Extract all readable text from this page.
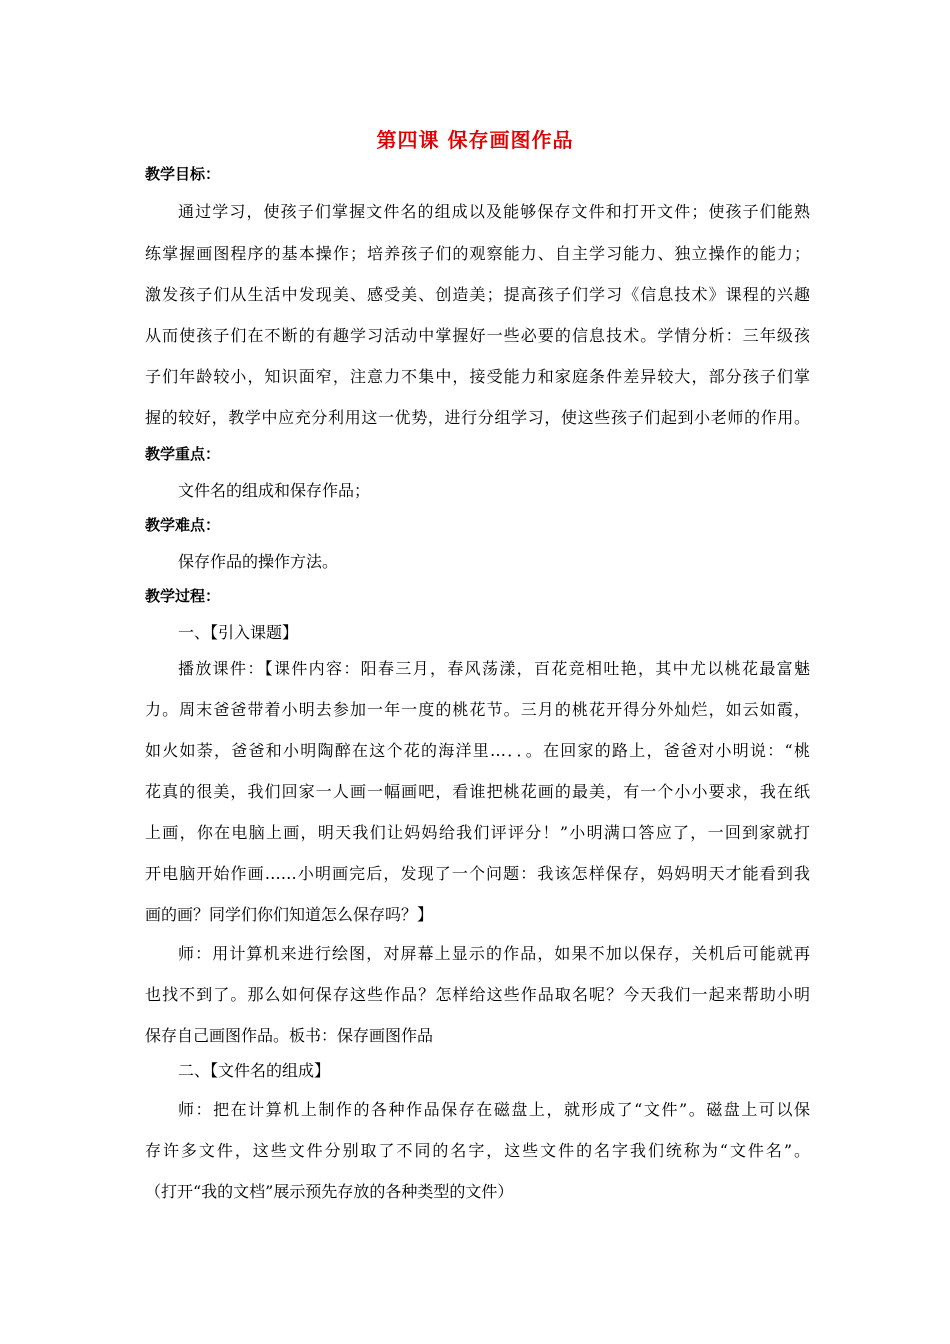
第四课 保存画图作品
教学目标：
通过学习，使孩子们掌握文件名的组成以及能够保存文件和打开文件；使孩子们能熟
练掌握画图程序的基本操作；培养孩子们的观察能力、自主学习能力、独立操作的能力；
激发孩子们从生活中发现美、感受美、创造美；提高孩子们学习《信息技术》课程的兴趣
从而使孩子们在不断的有趣学习活动中掌握好一些必要的信息技术。学情分析：三年级孩
子们年龄较小，知识面窄，注意力不集中，接受能力和家庭条件差异较大，部分孩子们掌
握的较好，教学中应充分利用这一优势，进行分组学习，使这些孩子们起到小老师的作用。
教学重点：
文件名的组成和保存作品；
教学难点：
保存作品的操作方法。
教学过程：
一、【引入课题】
播放课件：【课件内容：阳春三月，春风荡漾，百花竞相吐艳，其中尤以桃花最富魅
力。周末爸爸带着小明去参加一年一度的桃花节。三月的桃花开得分外灿烂，如云如霞，
如火如荼，爸爸和小明陶醉在这个花的海洋里…．．。在回家的路上，爸爸对小明说：“桃
花真的很美，我们回家一人画一幅画吧，看谁把桃花画的最美，有一个小小要求，我在纸
上画，你在电脑上画，明天我们让妈妈给我们评评分！”小明满口答应了，一回到家就打
开电脑开始作画……小明画完后，发现了一个问题：我该怎样保存，妈妈明天才能看到我
画的画？同学们你们知道怎么保存吗？】
师：用计算机来进行绘图，对屏幕上显示的作品，如果不加以保存，关机后可能就再
也找不到了。那么如何保存这些作品？怎样给这些作品取名呢？今天我们一起来帮助小明
保存自己画图作品。板书：保存画图作品
二、【文件名的组成】
师：把在计算机上制作的各种作品保存在磁盘上，就形成了“文件”。磁盘上可以保
存许多文件，这些文件分别取了不同的名字，这些文件的名字我们统称为“文件名”。
（打开“我的文档”展示预先存放的各种类型的文件）
